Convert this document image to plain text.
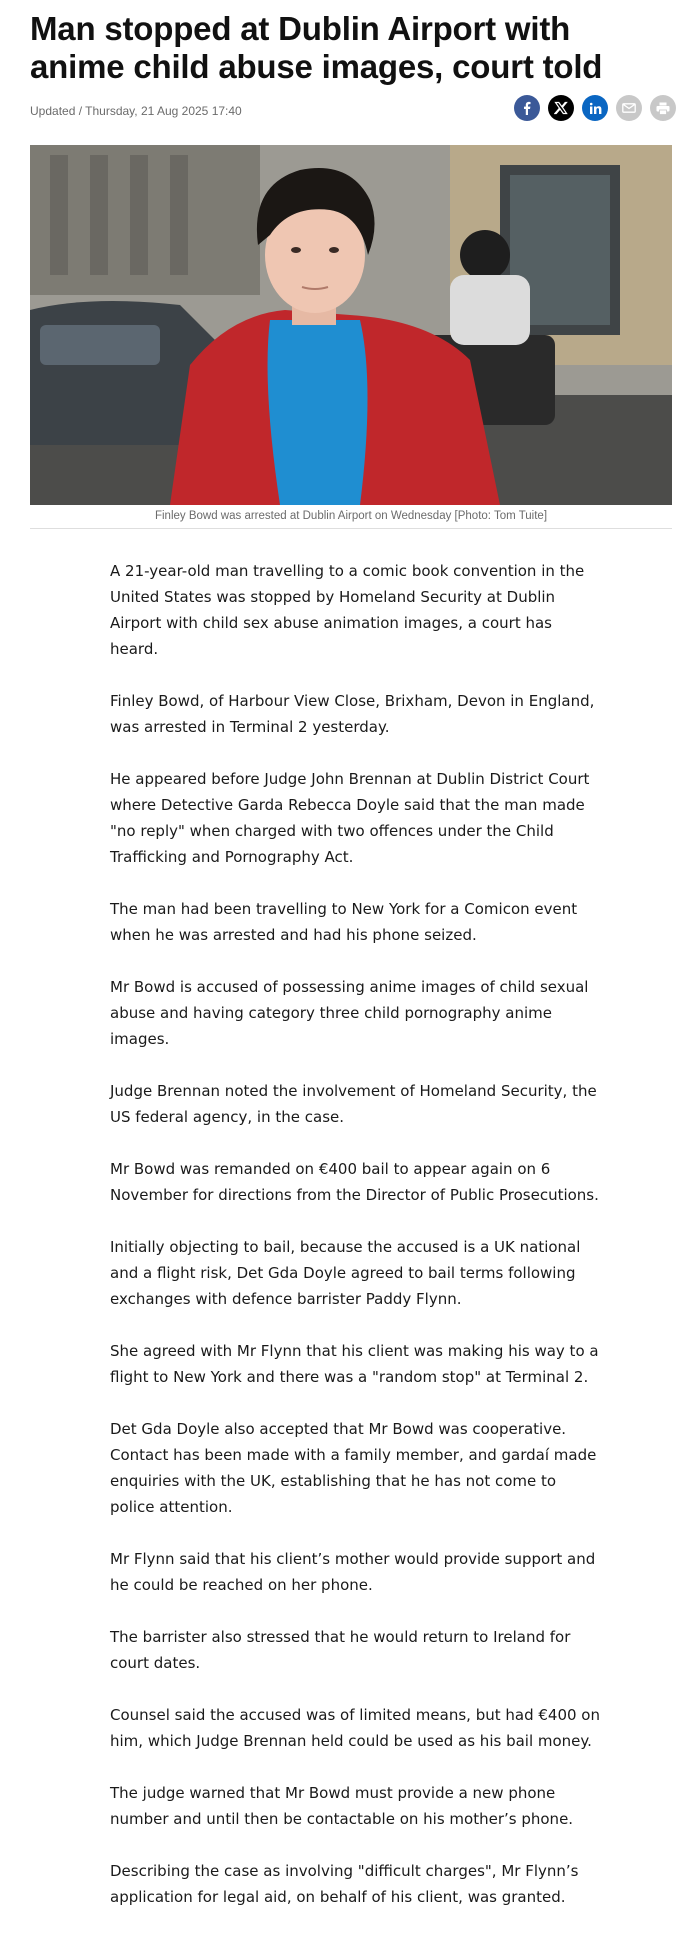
Man stopped at Dublin Airport with anime child abuse images, court told
Updated / Thursday, 21 Aug 2025 17:40
Finley Bowd was arrested at Dublin Airport on Wednesday [Photo: Tom Tuite]

A 21-year-old man travelling to a comic book convention in the United States was stopped by Homeland Security at Dublin Airport with child sex abuse animation images, a court has heard.

Finley Bowd, of Harbour View Close, Brixham, Devon in England, was arrested in Terminal 2 yesterday.

He appeared before Judge John Brennan at Dublin District Court where Detective Garda Rebecca Doyle said that the man made "no reply" when charged with two offences under the Child Trafficking and Pornography Act.

The man had been travelling to New York for a Comicon event when he was arrested and had his phone seized.

Mr Bowd is accused of possessing anime images of child sexual abuse and having category three child pornography anime images.

Judge Brennan noted the involvement of Homeland Security, the US federal agency, in the case.

Mr Bowd was remanded on €400 bail to appear again on 6 November for directions from the Director of Public Prosecutions.

Initially objecting to bail, because the accused is a UK national and a flight risk, Det Gda Doyle agreed to bail terms following exchanges with defence barrister Paddy Flynn.

She agreed with Mr Flynn that his client was making his way to a flight to New York and there was a "random stop" at Terminal 2.

Det Gda Doyle also accepted that Mr Bowd was cooperative. Contact has been made with a family member, and gardaí made enquiries with the UK, establishing that he has not come to police attention.

Mr Flynn said that his client’s mother would provide support and he could be reached on her phone.

The barrister also stressed that he would return to Ireland for court dates.

Counsel said the accused was of limited means, but had €400 on him, which Judge Brennan held could be used as his bail money.

The judge warned that Mr Bowd must provide a new phone number and until then be contactable on his mother’s phone.

Describing the case as involving "difficult charges", Mr Flynn’s application for legal aid, on behalf of his client, was granted.
